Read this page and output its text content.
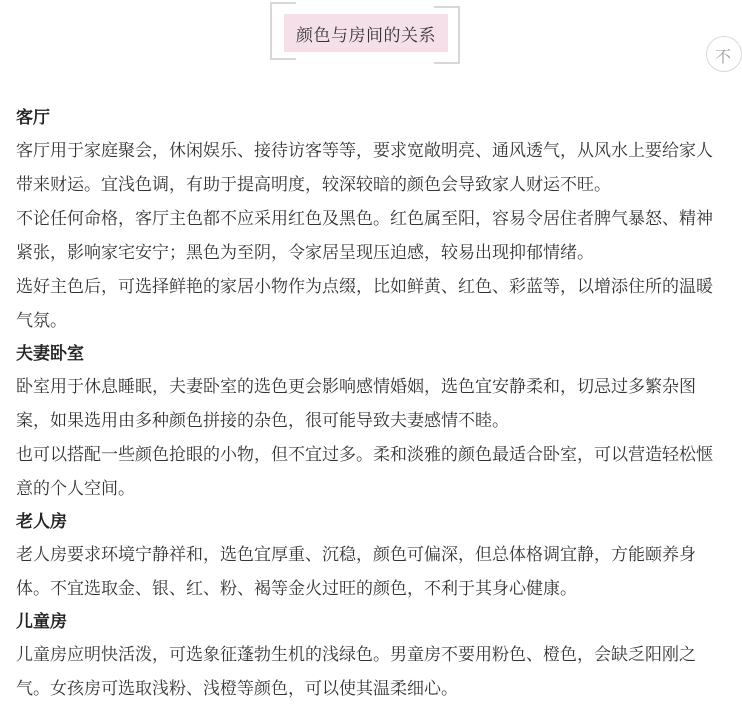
颜色与房间的关系
不
客厅
客厅用于家庭聚会，休闲娱乐、接待访客等等，要求宽敞明亮、通风透气，从风水上要给家人带来财运。宜浅色调，有助于提高明度，较深较暗的颜色会导致家人财运不旺。
不论任何命格，客厅主色都不应采用红色及黑色。红色属至阳，容易令居住者脾气暴怒、精神紧张，影响家宅安宁；黑色为至阴，令家居呈现压迫感，较易出现抑郁情绪。
选好主色后，可选择鲜艳的家居小物作为点缀，比如鲜黄、红色、彩蓝等，以增添住所的温暖气氛。
夫妻卧室
卧室用于休息睡眠，夫妻卧室的选色更会影响感情婚姻，选色宜安静柔和，切忌过多繁杂图案，如果选用由多种颜色拼接的杂色，很可能导致夫妻感情不睦。
也可以搭配一些颜色抢眼的小物，但不宜过多。柔和淡雅的颜色最适合卧室，可以营造轻松惬意的个人空间。
老人房
老人房要求环境宁静祥和，选色宜厚重、沉稳，颜色可偏深，但总体格调宜静，方能颐养身体。不宜选取金、银、红、粉、褐等金火过旺的颜色，不利于其身心健康。
儿童房
儿童房应明快活泼，可选象征蓬勃生机的浅绿色。男童房不要用粉色、橙色，会缺乏阳刚之气。女孩房可选取浅粉、浅橙等颜色，可以使其温柔细心。
